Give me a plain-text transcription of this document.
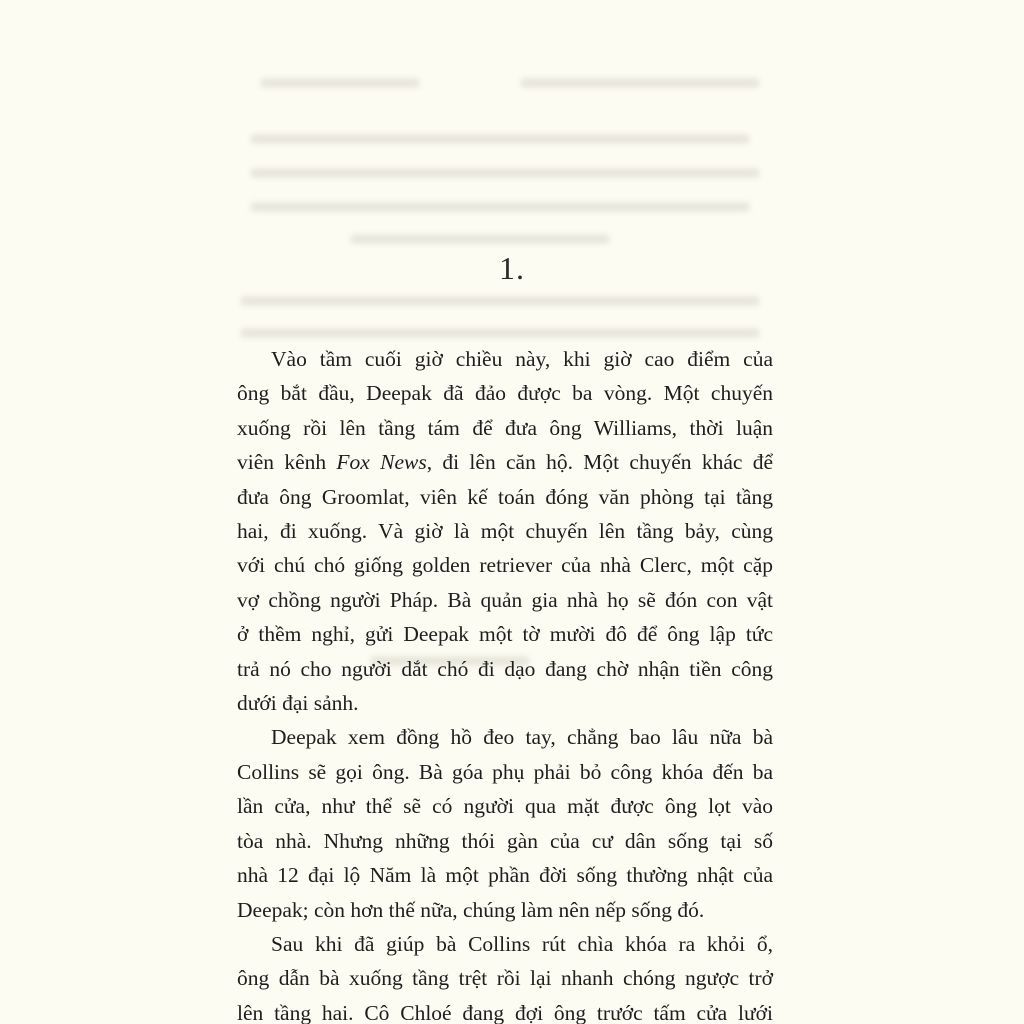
1.
Vào tầm cuối giờ chiều này, khi giờ cao điểm của
ông bắt đầu, Deepak đã đảo được ba vòng. Một chuyến
xuống rồi lên tầng tám để đưa ông Williams, thời luận
viên kênh Fox News, đi lên căn hộ. Một chuyến khác để
đưa ông Groomlat, viên kế toán đóng văn phòng tại tầng
hai, đi xuống. Và giờ là một chuyến lên tầng bảy, cùng
với chú chó giống golden retriever của nhà Clerc, một cặp
vợ chồng người Pháp. Bà quản gia nhà họ sẽ đón con vật
ở thềm nghỉ, gửi Deepak một tờ mười đô để ông lập tức
trả nó cho người dắt chó đi dạo đang chờ nhận tiền công
dưới đại sảnh.
Deepak xem đồng hồ đeo tay, chẳng bao lâu nữa bà
Collins sẽ gọi ông. Bà góa phụ phải bỏ công khóa đến ba
lần cửa, như thể sẽ có người qua mặt được ông lọt vào
tòa nhà. Nhưng những thói gàn của cư dân sống tại số
nhà 12 đại lộ Năm là một phần đời sống thường nhật của
Deepak; còn hơn thế nữa, chúng làm nên nếp sống đó.
Sau khi đã giúp bà Collins rút chìa khóa ra khỏi ổ,
ông dẫn bà xuống tầng trệt rồi lại nhanh chóng ngược trở
lên tầng hai. Cô Chloé đang đợi ông trước tấm cửa lưới
